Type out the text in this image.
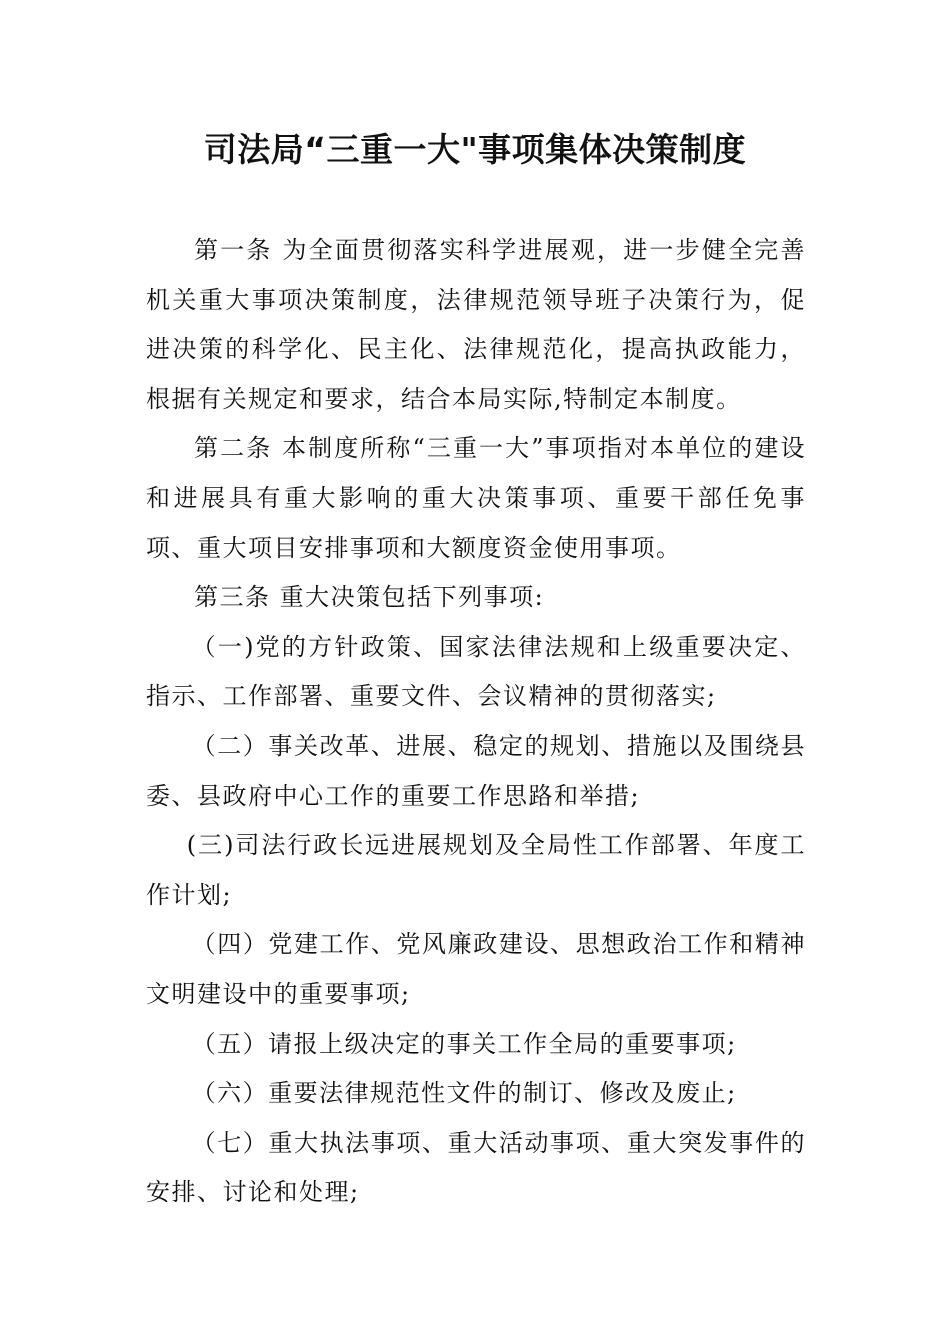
司法局“三重一大"事项集体决策制度

第一条 为全面贯彻落实科学进展观，进一步健全完善机关重大事项决策制度，法律规范领导班子决策行为，促进决策的科学化、民主化、法律规范化，提高执政能力，根据有关规定和要求，结合本局实际,特制定本制度。

第二条 本制度所称“三重一大”事项指对本单位的建设和进展具有重大影响的重大决策事项、重要干部任免事项、重大项目安排事项和大额度资金使用事项。

第三条 重大决策包括下列事项:

（一)党的方针政策、国家法律法规和上级重要决定、指示、工作部署、重要文件、会议精神的贯彻落实;

（二）事关改革、进展、稳定的规划、措施以及围绕县委、县政府中心工作的重要工作思路和举措;

(三)司法行政长远进展规划及全局性工作部署、年度工作计划;

（四）党建工作、党风廉政建设、思想政治工作和精神文明建设中的重要事项;

（五）请报上级决定的事关工作全局的重要事项;

（六）重要法律规范性文件的制订、修改及废止;

（七）重大执法事项、重大活动事项、重大突发事件的安排、讨论和处理;
